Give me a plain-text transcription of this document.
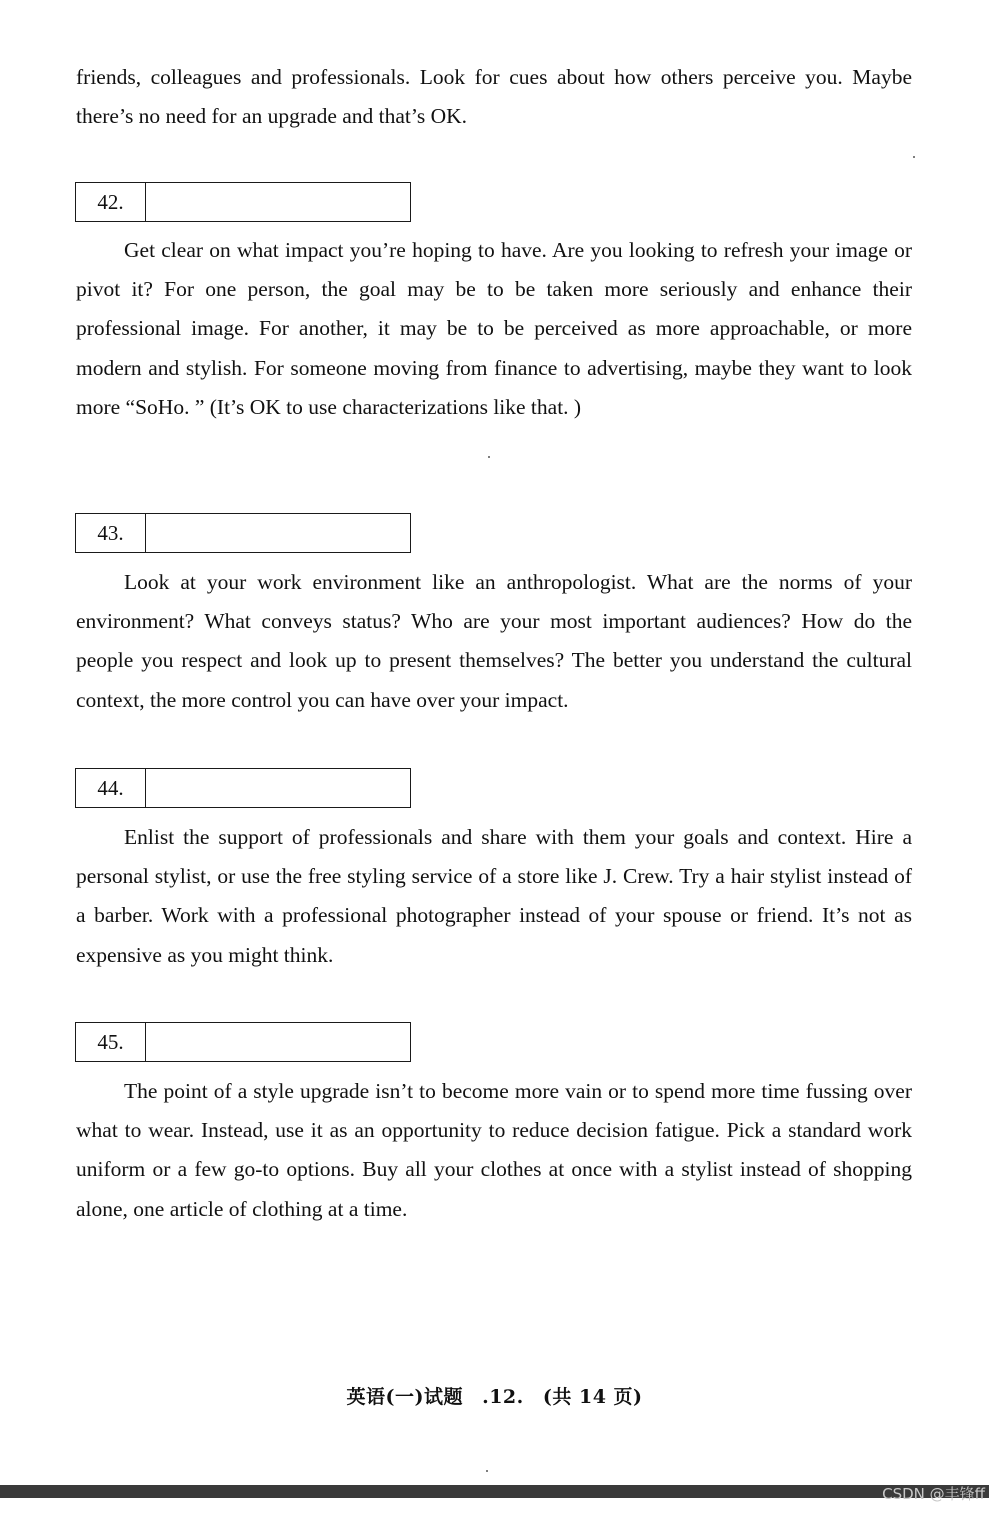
friends, colleagues and professionals. Look for cues about how others perceive you. Maybe there’s no need for an upgrade and that’s OK.

42.

Get clear on what impact you’re hoping to have. Are you looking to refresh your image or pivot it? For one person, the goal may be to be taken more seriously and enhance their professional image. For another, it may be to be perceived as more approachable, or more modern and stylish. For someone moving from finance to advertising, maybe they want to look more “SoHo. ” (It’s OK to use characterizations like that. )

43.

Look at your work environment like an anthropologist. What are the norms of your environment? What conveys status? Who are your most important audiences? How do the people you respect and look up to present themselves? The better you understand the cultural context, the more control you can have over your impact.

44.

Enlist the support of professionals and share with them your goals and context. Hire a personal stylist, or use the free styling service of a store like J. Crew. Try a hair stylist instead of a barber. Work with a professional photographer instead of your spouse or friend. It’s not as expensive as you might think.

45.

The point of a style upgrade isn’t to become more vain or to spend more time fussing over what to wear. Instead, use it as an opportunity to reduce decision fatigue. Pick a standard work uniform or a few go-to options. Buy all your clothes at once with a stylist instead of shopping alone, one article of clothing at a time.

英语(一)试题 .12. (共 14 页)
CSDN @丰锋ff
